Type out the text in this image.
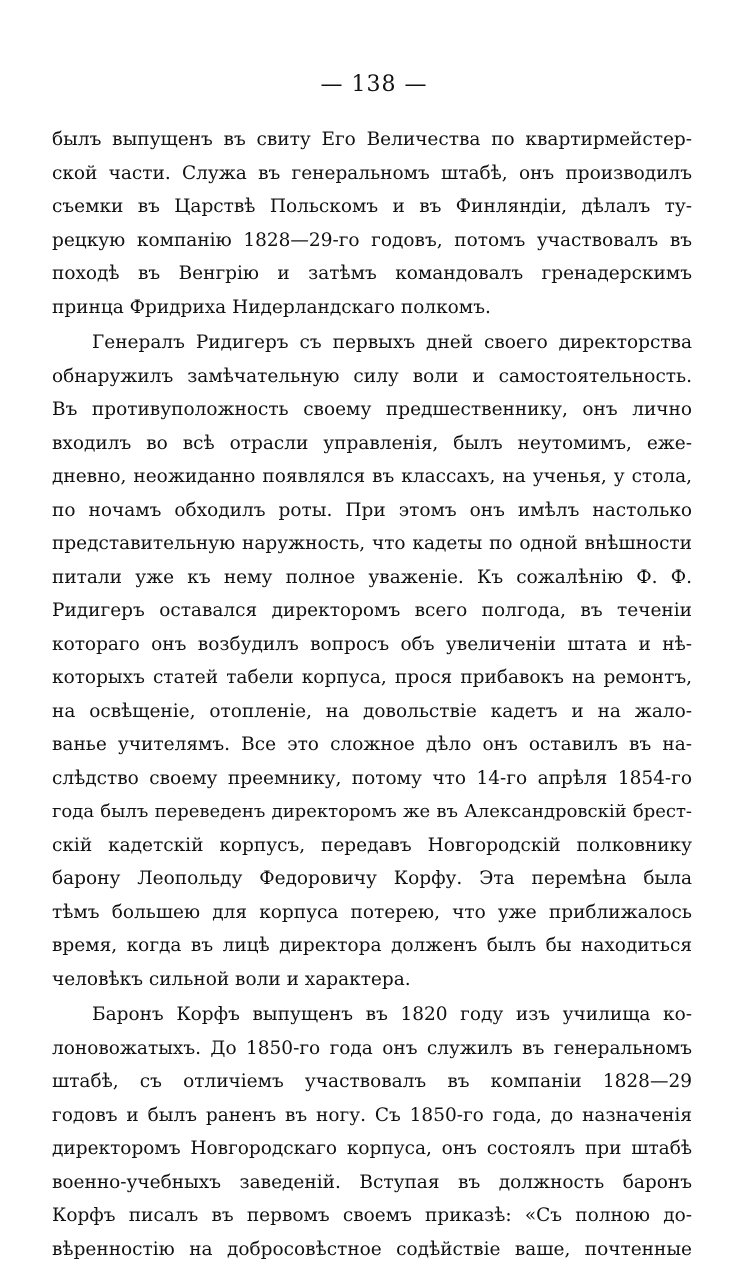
— 138 —
былъ выпущенъ въ свиту Его Величества по квартирмейстер-
ской части. Служа въ генеральномъ штабѣ, онъ производилъ
съемки въ Царствѣ Польскомъ и въ Финляндіи, дѣлалъ ту-
рецкую компанію 1828—29-го годовъ, потомъ участвовалъ въ
походѣ въ Венгрію и затѣмъ командовалъ гренадерскимъ
принца Фридриха Нидерландскаго полкомъ.
Генералъ Ридигеръ съ первыхъ дней своего директорства
обнаружилъ замѣчательную силу воли и самостоятельность.
Въ противуположность своему предшественнику, онъ лично
входилъ во всѣ отрасли управленія, былъ неутомимъ, еже-
дневно, неожиданно появлялся въ классахъ, на ученья, у стола,
по ночамъ обходилъ роты. При этомъ онъ имѣлъ настолько
представительную наружность, что кадеты по одной внѣшности
питали уже къ нему полное уваженіе. Къ сожалѣнію Ф. Ф.
Ридигеръ оставался директоромъ всего полгода, въ теченіи
котораго онъ возбудилъ вопросъ объ увеличеніи штата и нѣ-
которыхъ статей табели корпуса, прося прибавокъ на ремонтъ,
на освѣщеніе, отопленіе, на довольствіе кадетъ и на жало-
ванье учителямъ. Все это сложное дѣло онъ оставилъ въ на-
слѣдство своему преемнику, потому что 14-го апрѣля 1854-го
года былъ переведенъ директоромъ же въ Александровскій брест-
скій кадетскій корпусъ, передавъ Новгородскій полковнику
барону Леопольду Федоровичу Корфу. Эта перемѣна была
тѣмъ большею для корпуса потерею, что уже приближалось
время, когда въ лицѣ директора долженъ былъ бы находиться
человѣкъ сильной воли и характера.
Баронъ Корфъ выпущенъ въ 1820 году изъ училища ко-
лоновожатыхъ. До 1850-го года онъ служилъ въ генеральномъ
штабѣ, съ отличіемъ участвовалъ въ компаніи 1828—29
годовъ и былъ раненъ въ ногу. Съ 1850-го года, до назначенія
директоромъ Новгородскаго корпуса, онъ состоялъ при штабѣ
военно-учебныхъ заведеній. Вступая въ должность баронъ
Корфъ писалъ въ первомъ своемъ приказѣ: «Съ полною до-
вѣренностію на добросовѣстное содѣйствіе ваше, почтенные
